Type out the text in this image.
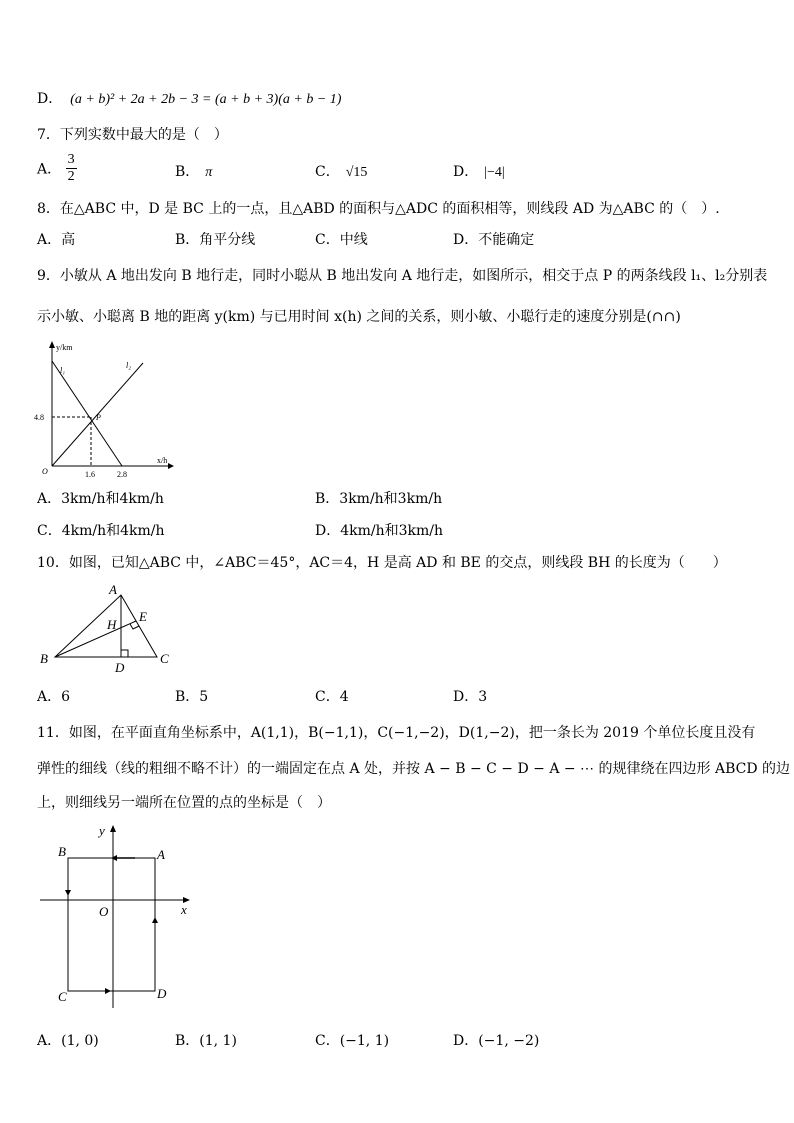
D． (a + b)² + 2a + 2b − 3 = (a + b + 3)(a + b − 1)
7．下列实数中最大的是（　）
A． $\frac{3}{2}$	B． π	C． √15	D． |−4|
8．在△ABC 中，D 是 BC 上的一点，且△ABD 的面积与△ADC 的面积相等，则线段 AD 为△ABC 的（　）.
A．高	B．角平分线	C．中线	D．不能确定
9．小敏从 A 地出发向 B 地行走，同时小聪从 B 地出发向 A 地行走，如图所示，相交于点 P 的两条线段 l₁、l₂分别表
示小敏、小聪离 B 地的距离 y(km) 与已用时间 x(h) 之间的关系，则小敏、小聪行走的速度分别是(∩∩)
y/km
x/h
l₁
l₂
P
O
4.8
1.6	2.8
A．3km/h和4km/h	B．3km/h和3km/h
C．4km/h和4km/h	D．4km/h和3km/h
10．如图，已知△ABC 中，∠ABC＝45°，AC＝4，H 是高 AD 和 BE 的交点，则线段 BH 的长度为（　　）
A
B	C
D
E
H
A．6	B．5	C．4	D．3
11．如图，在平面直角坐标系中，A(1,1)，B(−1,1)，C(−1,−2)，D(1,−2)，把一条长为 2019 个单位长度且没有
弹性的细线（线的粗细不略不计）的一端固定在点 A 处，并按 A − B − C − D − A − ⋯ 的规律绕在四边形 ABCD 的边
上，则细线另一端所在位置的点的坐标是（　）
B	A
C	D
O	x
y
A．(1, 0)	B．(1, 1)	C．(−1, 1)	D．(−1, −2)
